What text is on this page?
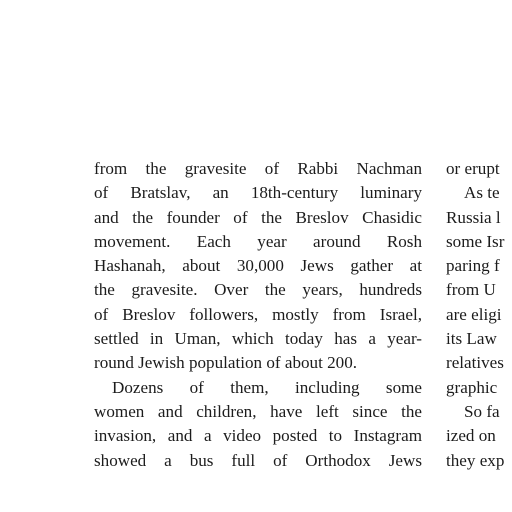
from the gravesite of Rabbi Nachman
of Bratslav, an 18th-century luminary
and the founder of the Breslov Chasidic
movement. Each year around Rosh
Hashanah, about 30,000 Jews gather at
the gravesite. Over the years, hundreds
of Breslov followers, mostly from Israel,
settled in Uman, which today has a year-
round Jewish population of about 200.
Dozens of them, including some
women and children, have left since the
invasion, and a video posted to Instagram
showed a bus full of Orthodox Jews
or erupt
As te
Russia l
some Isr
paring f
from U
are eligi
its Law
relatives
graphic
So fa
ized on
they exp
